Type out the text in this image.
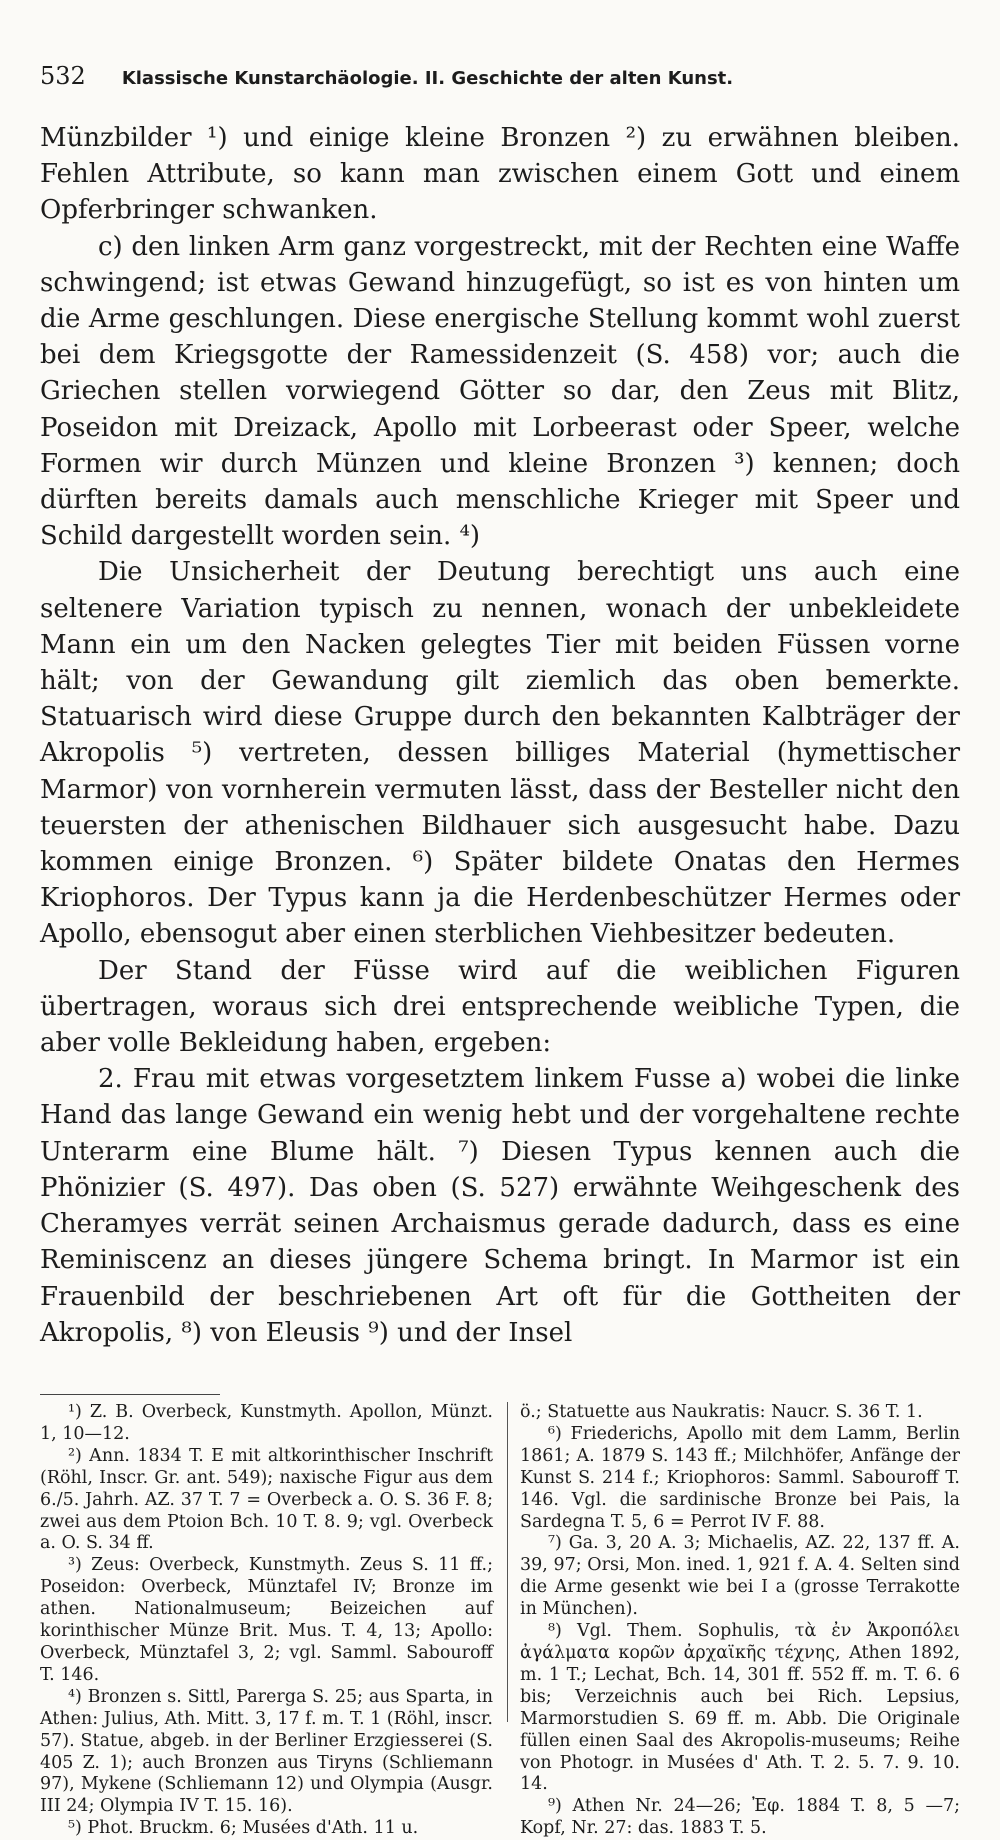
532 Klassische Kunstarchäologie. II. Geschichte der alten Kunst.

Münzbilder ¹) und einige kleine Bronzen ²) zu erwähnen bleiben. Fehlen Attribute, so kann man zwischen einem Gott und einem Opferbringer schwanken.

c) den linken Arm ganz vorgestreckt, mit der Rechten eine Waffe schwingend; ist etwas Gewand hinzugefügt, so ist es von hinten um die Arme geschlungen. Diese energische Stellung kommt wohl zuerst bei dem Kriegsgotte der Ramessidenzeit (S. 458) vor; auch die Griechen stellen vorwiegend Götter so dar, den Zeus mit Blitz, Poseidon mit Dreizack, Apollo mit Lorbeerast oder Speer, welche Formen wir durch Münzen und kleine Bronzen ³) kennen; doch dürften bereits damals auch menschliche Krieger mit Speer und Schild dargestellt worden sein. ⁴)

Die Unsicherheit der Deutung berechtigt uns auch eine seltenere Variation typisch zu nennen, wonach der unbekleidete Mann ein um den Nacken gelegtes Tier mit beiden Füssen vorne hält; von der Gewandung gilt ziemlich das oben bemerkte. Statuarisch wird diese Gruppe durch den bekannten Kalbträger der Akropolis ⁵) vertreten, dessen billiges Material (hymettischer Marmor) von vornherein vermuten lässt, dass der Besteller nicht den teuersten der athenischen Bildhauer sich ausgesucht habe. Dazu kommen einige Bronzen. ⁶) Später bildete Onatas den Hermes Kriophoros. Der Typus kann ja die Herdenbeschützer Hermes oder Apollo, ebensogut aber einen sterblichen Viehbesitzer bedeuten.

Der Stand der Füsse wird auf die weiblichen Figuren übertragen, woraus sich drei entsprechende weibliche Typen, die aber volle Bekleidung haben, ergeben:

2. Frau mit etwas vorgesetztem linkem Fusse a) wobei die linke Hand das lange Gewand ein wenig hebt und der vorgehaltene rechte Unterarm eine Blume hält. ⁷) Diesen Typus kennen auch die Phönizier (S. 497). Das oben (S. 527) erwähnte Weihgeschenk des Cheramyes verrät seinen Archaismus gerade dadurch, dass es eine Reminiscenz an dieses jüngere Schema bringt. In Marmor ist ein Frauenbild der beschriebenen Art oft für die Gottheiten der Akropolis, ⁸) von Eleusis ⁹) und der Insel

¹) Z. B. Overbeck, Kunstmyth. Apollon, Münzt. 1, 10—12.

²) Ann. 1834 T. E mit altkorinthischer Inschrift (Röhl, Inscr. Gr. ant. 549); naxische Figur aus dem 6./5. Jahrh. AZ. 37 T. 7 = Overbeck a. O. S. 36 F. 8; zwei aus dem Ptoion Bch. 10 T. 8. 9; vgl. Overbeck a. O. S. 34 ff.

³) Zeus: Overbeck, Kunstmyth. Zeus S. 11 ff.; Poseidon: Overbeck, Münztafel IV; Bronze im athen. Nationalmuseum; Beizeichen auf korinthischer Münze Brit. Mus. T. 4, 13; Apollo: Overbeck, Münztafel 3, 2; vgl. Samml. Sabouroff T. 146.

⁴) Bronzen s. Sittl, Parerga S. 25; aus Sparta, in Athen: Julius, Ath. Mitt. 3, 17 f. m. T. 1 (Röhl, inscr. 57). Statue, abgeb. in der Berliner Erzgiesserei (S. 405 Z. 1); auch Bronzen aus Tiryns (Schliemann 97), Mykene (Schliemann 12) und Olympia (Ausgr. III 24; Olympia IV T. 15. 16).

⁵) Phot. Bruckm. 6; Musées d'Ath. 11 u.

ö.; Statuette aus Naukratis: Naucr. S. 36 T. 1.

⁶) Friederichs, Apollo mit dem Lamm, Berlin 1861; A. 1879 S. 143 ff.; Milchhöfer, Anfänge der Kunst S. 214 f.; Kriophoros: Samml. Sabouroff T. 146. Vgl. die sardinische Bronze bei Pais, la Sardegna T. 5, 6 = Perrot IV F. 88.

⁷) Ga. 3, 20 A. 3; Michaelis, AZ. 22, 137 ff. A. 39, 97; Orsi, Mon. ined. 1, 921 f. A. 4. Selten sind die Arme gesenkt wie bei I a (grosse Terrakotte in München).

⁸) Vgl. Them. Sophulis, τὰ ἐν Ἀκροπόλει ἀγάλματα κορῶν ἀρχαϊκῆς τέχνης, Athen 1892, m. 1 T.; Lechat, Bch. 14, 301 ff. 552 ff. m. T. 6. 6 bis; Verzeichnis auch bei Rich. Lepsius, Marmorstudien S. 69 ff. m. Abb. Die Originale füllen einen Saal des Akropolis-museums; Reihe von Photogr. in Musées d' Ath. T. 2. 5. 7. 9. 10. 14.

⁹) Athen Nr. 24—26; Ἐφ. 1884 T. 8, 5 —7; Kopf, Nr. 27: das. 1883 T. 5.
